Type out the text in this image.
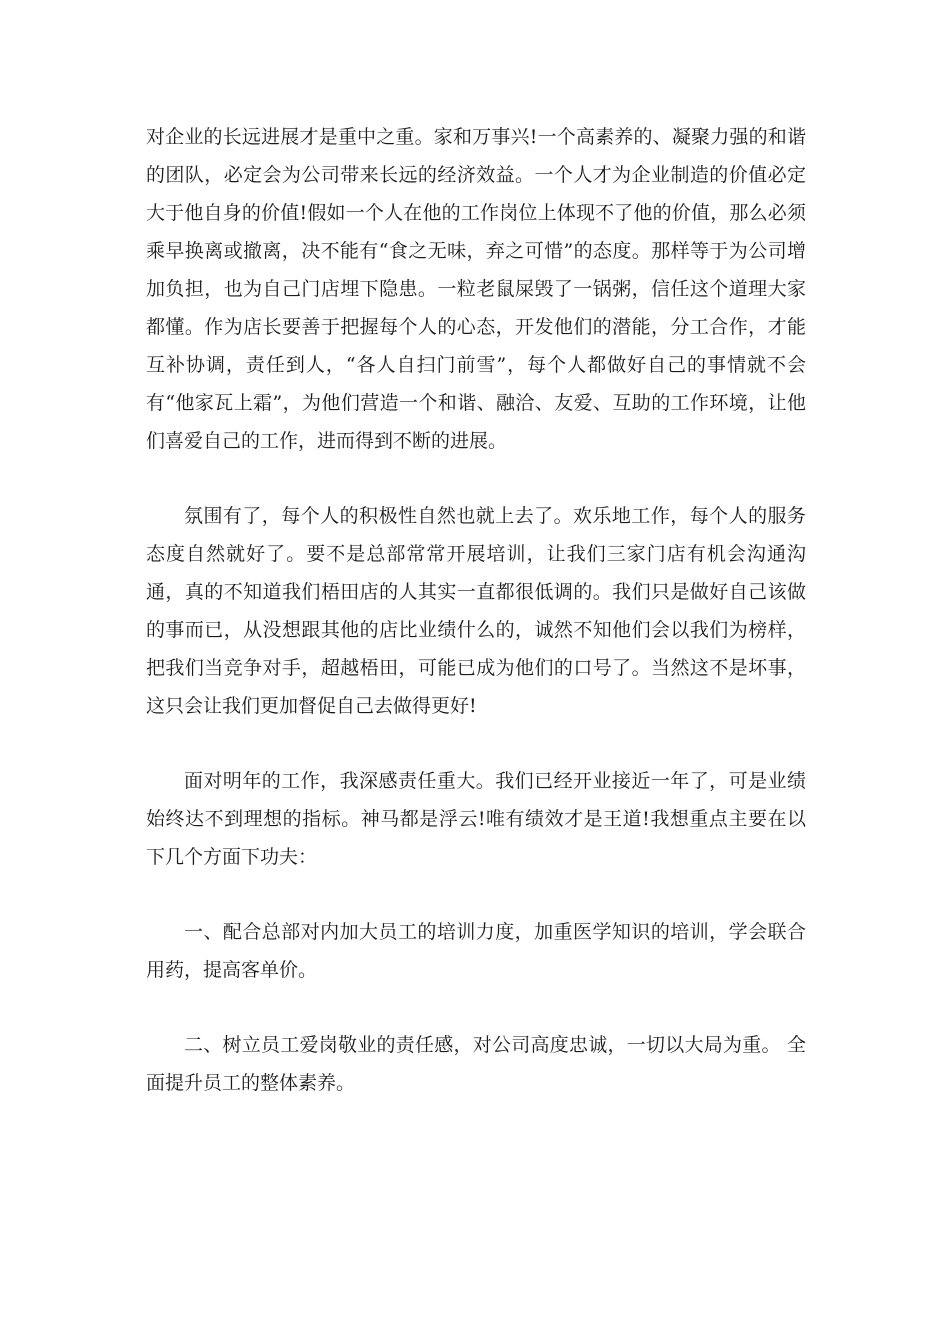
对企业的长远进展才是重中之重。家和万事兴!一个高素养的、凝聚力强的和谐的团队，必定会为公司带来长远的经济效益。一个人才为企业制造的价值必定大于他自身的价值!假如一个人在他的工作岗位上体现不了他的价值，那么必须乘早换离或撤离，决不能有“食之无味，弃之可惜”的态度。那样等于为公司增加负担，也为自己门店埋下隐患。一粒老鼠屎毁了一锅粥，信任这个道理大家都懂。作为店长要善于把握每个人的心态，开发他们的潜能，分工合作，才能互补协调，责任到人，“各人自扫门前雪”，每个人都做好自己的事情就不会有“他家瓦上霜”，为他们营造一个和谐、融洽、友爱、互助的工作环境，让他们喜爱自己的工作，进而得到不断的进展。

氛围有了，每个人的积极性自然也就上去了。欢乐地工作，每个人的服务态度自然就好了。要不是总部常常开展培训，让我们三家门店有机会沟通沟通，真的不知道我们梧田店的人其实一直都很低调的。我们只是做好自己该做的事而已，从没想跟其他的店比业绩什么的，诚然不知他们会以我们为榜样，把我们当竞争对手，超越梧田，可能已成为他们的口号了。当然这不是坏事，这只会让我们更加督促自己去做得更好!

面对明年的工作，我深感责任重大。我们已经开业接近一年了，可是业绩始终达不到理想的指标。神马都是浮云!唯有绩效才是王道!我想重点主要在以下几个方面下功夫：

一、配合总部对内加大员工的培训力度，加重医学知识的培训，学会联合用药，提高客单价。

二、树立员工爱岗敬业的责任感，对公司高度忠诚，一切以大局为重。 全面提升员工的整体素养。
